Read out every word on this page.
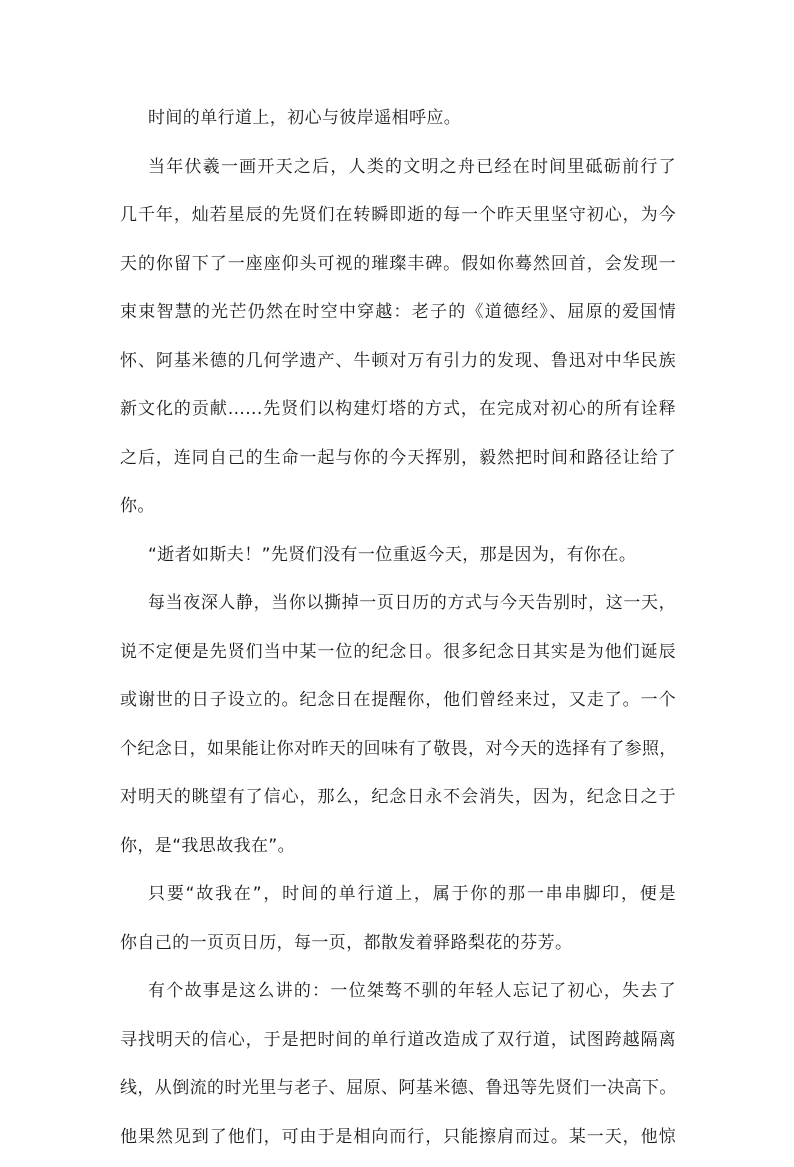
时间的单行道上，初心与彼岸遥相呼应。
当年伏羲一画开天之后，人类的文明之舟已经在时间里砥砺前行了
几千年，灿若星辰的先贤们在转瞬即逝的每一个昨天里坚守初心，为今
天的你留下了一座座仰头可视的璀璨丰碑。假如你蓦然回首，会发现一
束束智慧的光芒仍然在时空中穿越：老子的《道德经》、屈原的爱国情
怀、阿基米德的几何学遗产、牛顿对万有引力的发现、鲁迅对中华民族
新文化的贡献......先贤们以构建灯塔的方式，在完成对初心的所有诠释
之后，连同自己的生命一起与你的今天挥别，毅然把时间和路径让给了
你。
“逝者如斯夫！”先贤们没有一位重返今天，那是因为，有你在。
每当夜深人静，当你以撕掉一页日历的方式与今天告别时，这一天，
说不定便是先贤们当中某一位的纪念日。很多纪念日其实是为他们诞辰
或谢世的日子设立的。纪念日在提醒你，他们曾经来过，又走了。一个
个纪念日，如果能让你对昨天的回味有了敬畏，对今天的选择有了参照，
对明天的眺望有了信心，那么，纪念日永不会消失，因为，纪念日之于
你，是“我思故我在”。
只要“故我在”，时间的单行道上，属于你的那一串串脚印，便是
你自己的一页页日历，每一页，都散发着驿路梨花的芬芳。
有个故事是这么讲的：一位桀骜不驯的年轻人忘记了初心，失去了
寻找明天的信心，于是把时间的单行道改造成了双行道，试图跨越隔离
线，从倒流的时光里与老子、屈原、阿基米德、鲁迅等先贤们一决高下。
他果然见到了他们，可由于是相向而行，只能擦肩而过。某一天，他惊
